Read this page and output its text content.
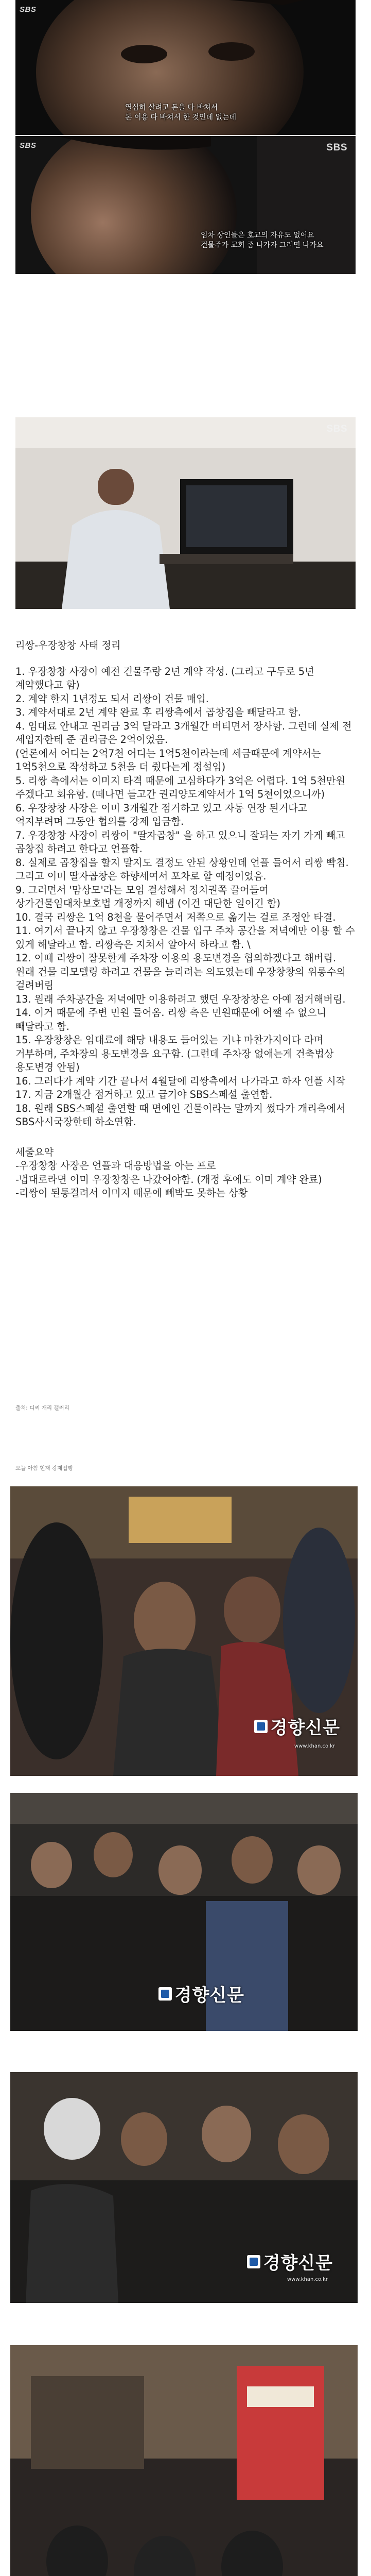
SBS
열심히 살려고 돈을 다 바쳐서
돈 이용 다 바쳐서 한 것인데 없는데
SBS	SBS
임차 상인들은 호교의 자유도 없어요
건물주가 교회 좀 나가자 그러면 나가요
SBS

리쌍-우장창창 사태 정리

1. 우장창창 사장이 예전 건물주랑 2년 계약 작성. (그리고 구두로 5년 계약했다고 함)

2. 계약 한지 1년정도 되서 리쌍이 건물 매입.

3. 계약서대로 2년 계약 완료 후 리쌍측에서 곱창집을 빼달라고 함.

4. 임대료 안내고 권리금 3억 달라고 3개월간 버티면서 장사함. 그런데 실제 전 세입자한테 준 권리금은 2억이었음.

(언론에서 어디는 2억7천 어디는 1억5천이라는데 세금때문에 계약서는 1억5천으로 작성하고 5천을 더 줬다는게 정설임)

5. 리쌍 측에서는 이미지 타격 때문에 고심하다가 3억은 어렵다. 1억 5천만원 주겠다고 회유함. (떼나면 들고간 권리양도계약서가 1억 5천이었으니까)

6. 우장창창 사장은 이미 3개월간 점거하고 있고 자동 연장 된거다고 억지부려며 그동안 협의를 강제 입금함.

7. 우장창창 사장이 리쌍이 "딸자곱창" 을 하고 있으니 잘되는 자기 가게 빼고 곱창집 하려고 한다고 언플함.

8. 실제로 곱창집을 할지 말지도 결정도 안된 상황인데 언플 들어서 리쌍 빡침. 그리고 이미 딸자곱창은 하향세여서 포차로 할 예정이었음.

9. 그러면서 '맘상모'라는 모임 결성해서 정치권쪽 끌어들여 상가건물임대차보호법 개정까지 해냄 (이건 대단한 일이긴 함)

10. 결국 리쌍은 1억 8천을 물어주면서 저쪽으로 옮기는 걸로 조정안 타결.

11. 여기서 끝나지 않고 우장창창은 건물 입구 주차 공간을 저녁에만 이용 할 수 있게 해달라고 함. 리쌍측은 지쳐서 알아서 하라고 함. \

12. 이때 리쌍이 잘못한게 주차장 이용의 용도변경을 협의하겠다고 해버림. 원래 건물 리모델링 하려고 건물을 늘리려는 의도였는데 우장창창의 위롱수의 걸려버림

13. 원래 주차공간을 저녁에만 이용하려고 했던 우장창창은 아예 점거해버림.

14. 이거 때문에 주변 민원 들어옴. 리쌍 측은 민원때문에 어쨀 수 없으니 빼달라고 함.

15. 우장창창은 임대료에 해당 내용도 들어있는 거냐 마찬가지이다 라며 거부하며, 주차장의 용도변경을 요구함. (그런데 주차장 없애는게 건축법상 용도변경 안됨)

16. 그러다가 계약 기간 끝나서 4월달에 리쌍측에서 나가라고 하자 언플 시작

17. 지금 2개월간 점거하고 있고 급기야 SBS스페셜 출연함.

18. 원래 SBS스페셜 출연할 때 면에인 건물이라는 말까지 썼다가 개리측에서 SBS사시국장한테 하소연함.

세줄요약

-우장창창 사장은 언플과 대응방법을 아는 프로

-법대로라면 이미 우장창창은 나갔어야함. (개정 후에도 이미 계약 완료)

-리쌍이 된통걸려서 이미지 때문에 빼박도 못하는 상황

출처: 디씨 개리 갤러리
오늘 아침 현재 강제집행
경향신문
www.khan.co.kr
경향신문
경향신문
www.khan.co.kr
